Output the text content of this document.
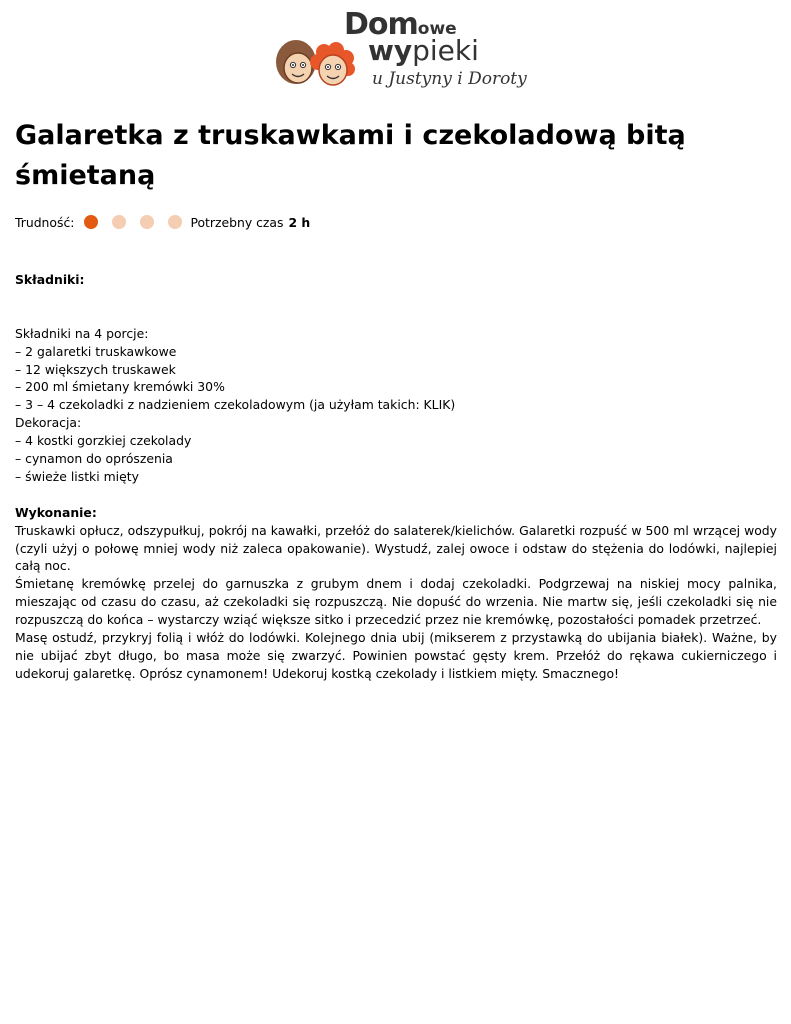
Domowe
wypieki
u Justyny i Doroty
Galaretka z truskawkami i czekoladową bitą śmietaną
Trudność:	Potrzebny czas 2 h

Składniki:

Składniki na 4 porcje:

– 2 galaretki truskawkowe

– 12 większych truskawek

– 200 ml śmietany kremówki 30%

– 3 – 4 czekoladki z nadzieniem czekoladowym (ja użyłam takich: KLIK)

Dekoracja:

– 4 kostki gorzkiej czekolady

– cynamon do oprószenia

– świeże listki mięty

Wykonanie:

Truskawki opłucz, odszypułkuj, pokrój na kawałki, przełóż do salaterek/kielichów. Galaretki rozpuść w 500 ml wrzącej wody (czyli użyj o połowę mniej wody niż zaleca opakowanie). Wystudź, zalej owoce i odstaw do stężenia do lodówki, najlepiej całą noc.

Śmietanę kremówkę przelej do garnuszka z grubym dnem i dodaj czekoladki. Podgrzewaj na niskiej mocy palnika, mieszając od czasu do czasu, aż czekoladki się rozpuszczą. Nie dopuść do wrzenia. Nie martw się, jeśli czekoladki się nie rozpuszczą do końca – wystarczy wziąć większe sitko i przecedzić przez nie kremówkę, pozostałości pomadek przetrzeć.

Masę ostudź, przykryj folią i włóż do lodówki. Kolejnego dnia ubij (mikserem z przystawką do ubijania białek). Ważne, by nie ubijać zbyt długo, bo masa może się zwarzyć. Powinien powstać gęsty krem. Przełóż do rękawa cukierniczego i udekoruj galaretkę. Oprósz cynamonem! Udekoruj kostką czekolady i listkiem mięty. Smacznego!
